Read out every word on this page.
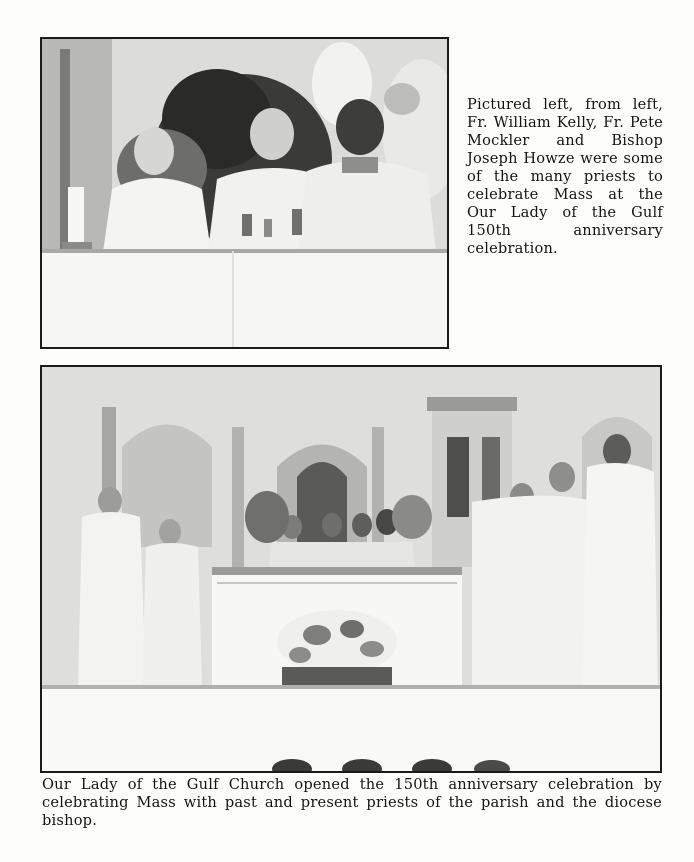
Pictured left, from left, Fr. William Kelly, Fr. Pete Mockler and Bishop Joseph Howze were some of the many priests to celebrate Mass at the Our Lady of the Gulf 150th anniversary celebration.

Our Lady of the Gulf Church opened the 150th anniversary celebration by celebrating Mass with past and present priests of the parish and the diocese bishop.
